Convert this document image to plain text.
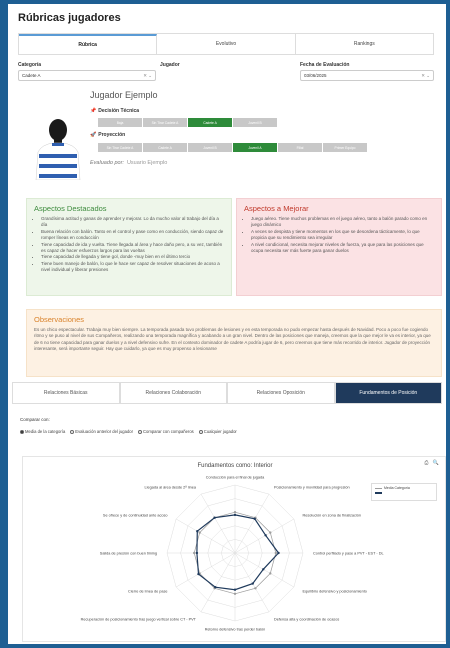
Rúbricas jugadores
Rúbrica	Evolutivo	Rankings
Categoría
Cadete A	✕ ⌄
Jugador	Fecha de Evaluación
03/06/2025	✕ ⌄
Jugador Ejemplo
📌 Decisión Técnica
Baja	Sin Tirar Cadete A	Cadete A	Juvenil B
🚀 Proyección
Sin Tirar Cadete A	Cadete A	Juvenil B	Juvenil A	Filial	Primer Equipo
Evaluado por: Usuario Ejemplo
Aspectos Destacados
• Grandísima actitud y ganas de aprender y mejorar. Lo da mucho valor al trabajo del día a día
• Buena relación con balón. Tanto en el control y pase como en conducción, siendo capaz de romper líneas en conducción
• Tiene capacidad de ida y vuelta. Tiene llegada al área y hace daño pero, a su vez, también es capaz de hacer esfuerzos largos para las vueltas
• Tiene capacidad de llegada y tiene gol, donde -muy bien en el último tercio
• Tiene buen manejo de balón, lo que le hace ser capaz de resolver situaciones de acoso a nivel individual y liberar presiones
Aspectos a Mejorar
• Juego aéreo. Tiene muchos problemas en el juego aéreo, tanto a balón parado como en juego dinámico
• A veces se despista y tiene momentos en los que se desordena tácticamente, lo que propicia que su rendimiento sea irregular
• A nivel condicional, necesita mejorar niveles de fuerza, ya que para las posiciones que ocupa necesita ser más fuerte para ganar duelos
Observaciones

Es un chico espectacular. Trabaja muy bien siempre. La temporada pasada tuvo problemas de lesiones y en esta temporada no pudo empezar hasta después de Navidad. Poco a poco fue cogiendo ritmo y se puso al nivel de sus Compañeros, realizando una temporada magnífica y acabando a un gran nivel. Dentro de las posiciones que maneja, creemos que la que mejor le va es interior, ya que de 6 no tiene capacidad para ganar duelos y a nivel defensivo sufre. En el contexto dominador de cadete A podría jugar de 6, pero creemos que tiene más recorrido de interior. Jugador de proyección interesante, será importante seguir. Hay que cuidarlo, ya que es muy propenso a lesionarse

Relaciones Básicas	Relaciones Colaboración	Relaciones Oposición	Fundamentos de Posición
Comparar con:
Media de la categoría Evaluación anterior del jugador Comparar con compañeros Cualquier jugador
Fundamentos como: Interior	⎙ 🔍
Conducción para el final de jugada
Posicionamiento y movilidad para progresión
Resolución en zona de finalización
Control perfilado y pase a PVT - EST - DL
Equilibrio defensivo y posicionamiento
Defensa alta y coordinación de ocasos
Retorno defensivo tras perder balón
Recuperación de posicionamiento tras juego vertical sobre CT - PVT
Cierre de línea de pase
Salida de presión con buen timing
Se ofrece y de continuidad ante acoso
Llegada al área desde 2ª línea	Media Categoría
